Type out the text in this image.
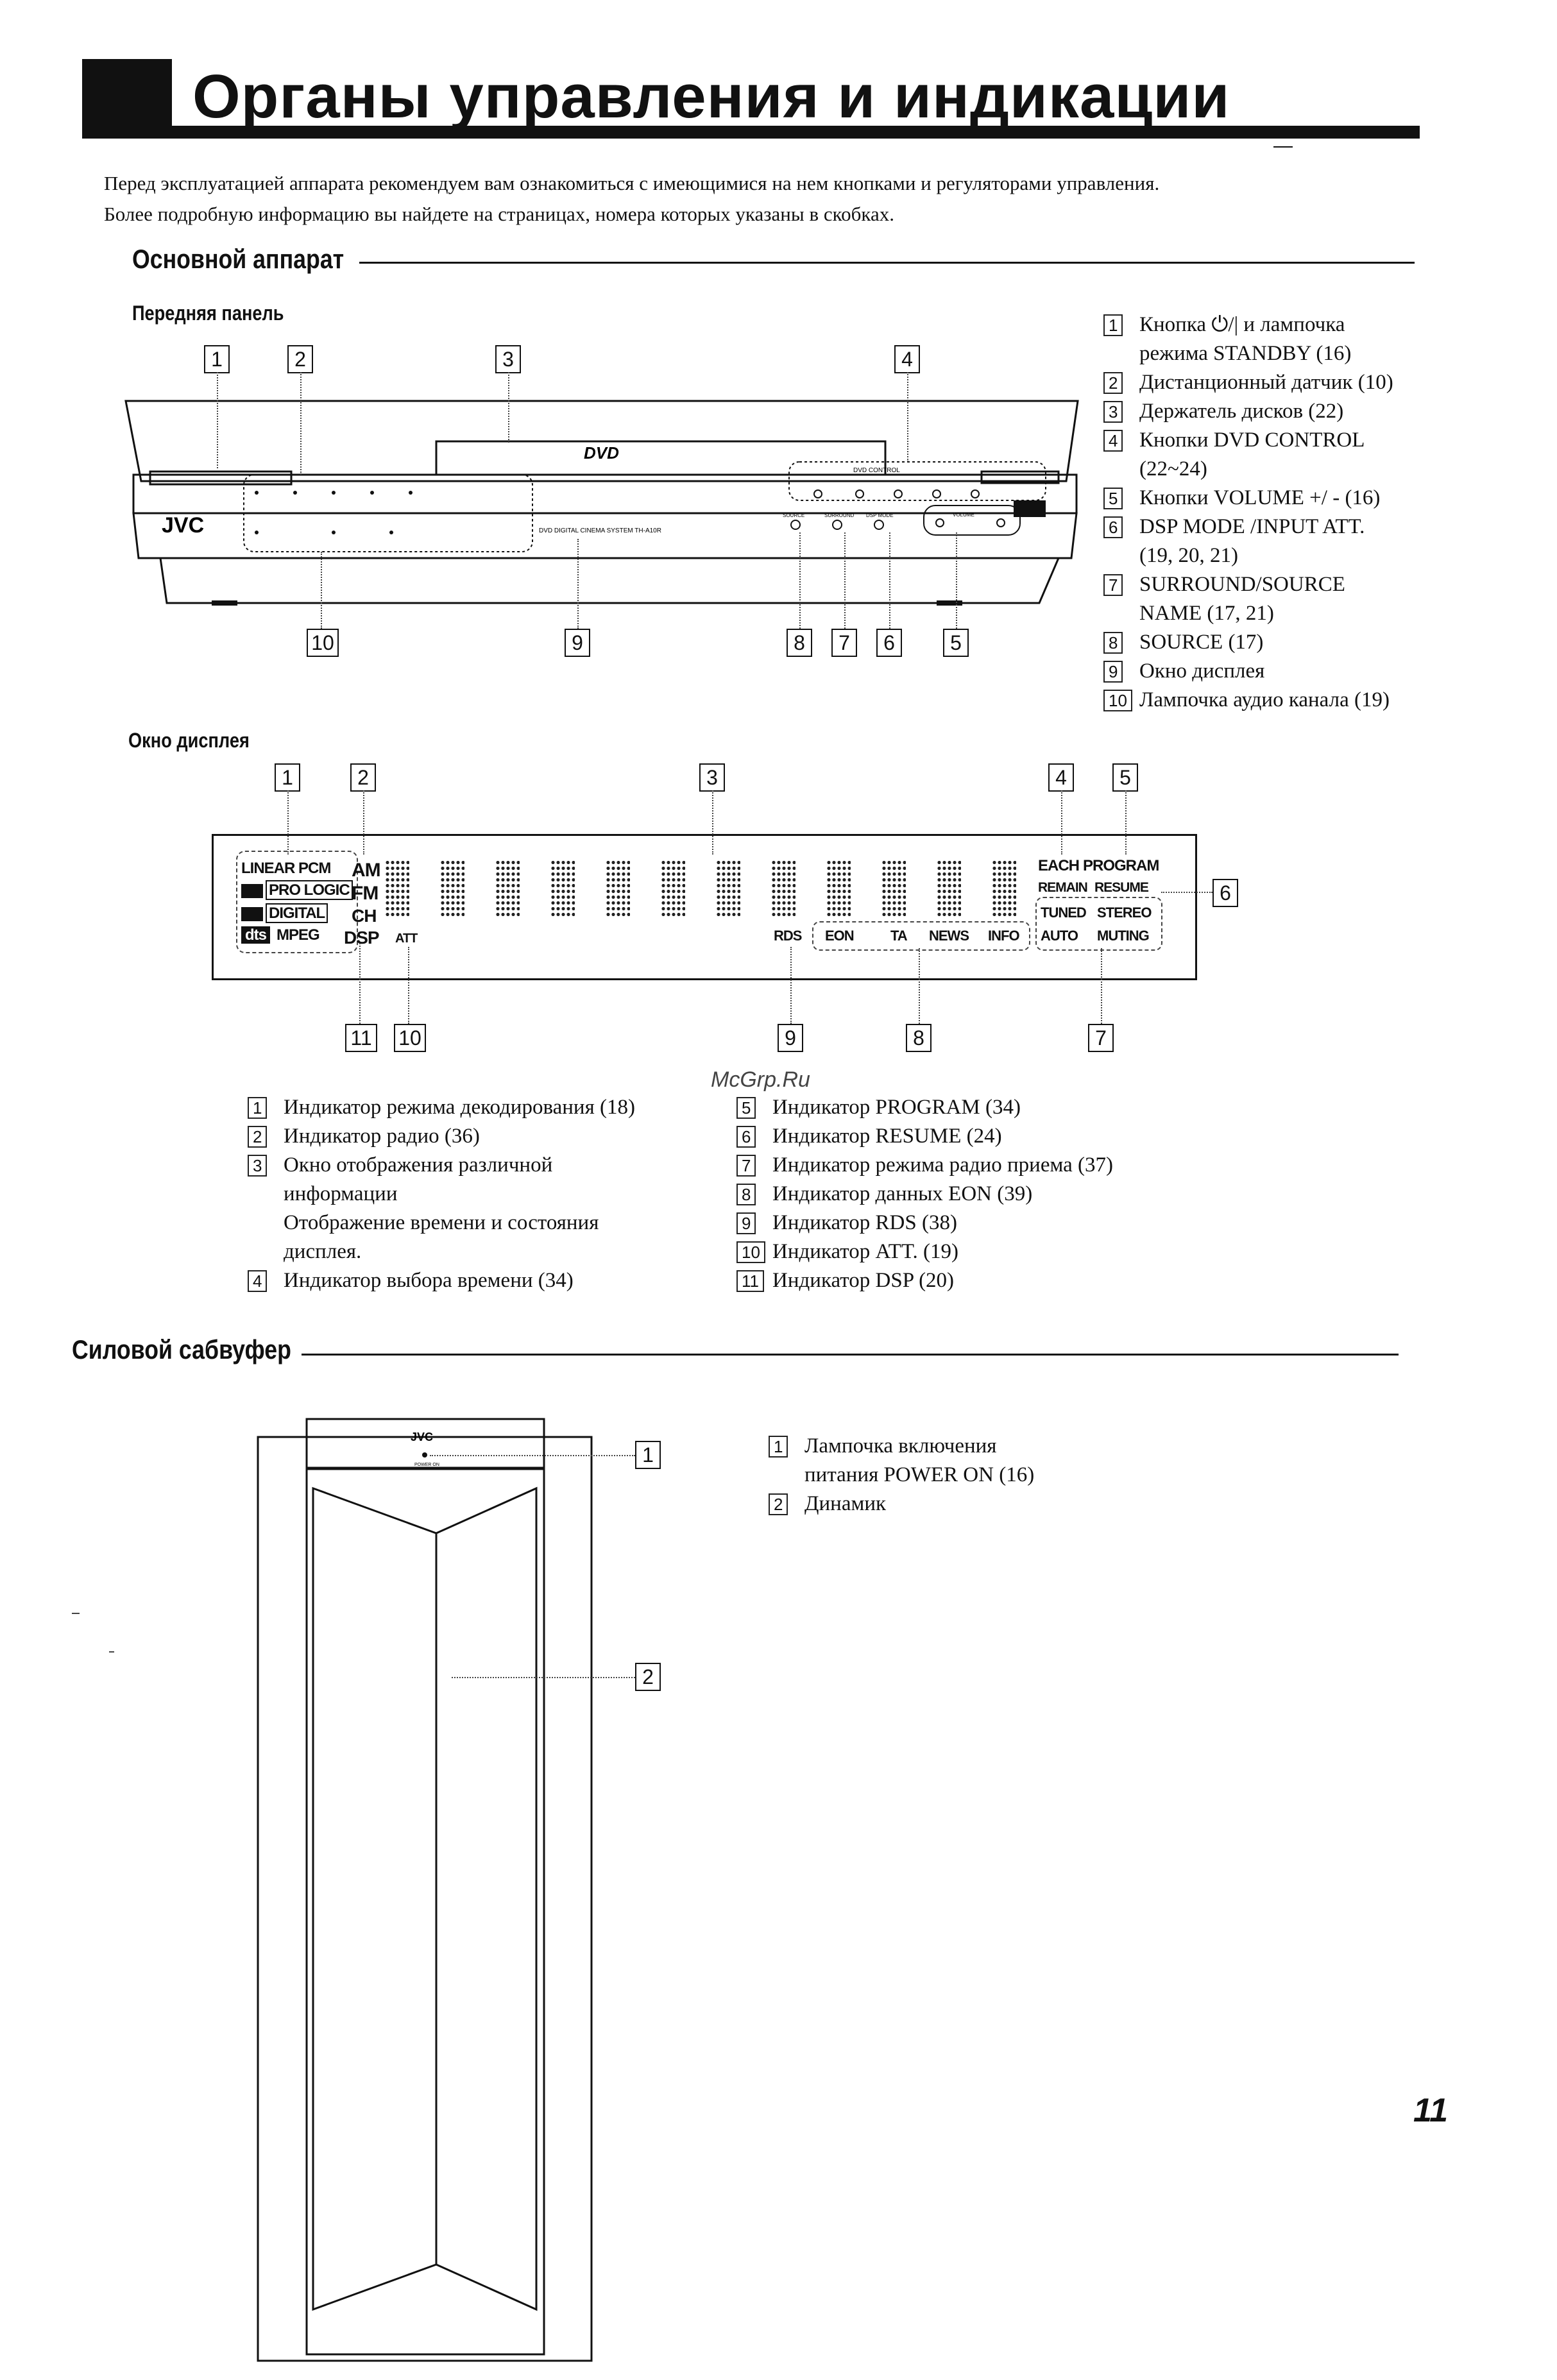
Органы управления и индикации
Перед эксплуатацией аппарата рекомендуем вам ознакомиться с имеющимися на нем кнопками и регуляторами управления.
Более подробную информацию вы найдете на страницах, номера которых указаны в скобках.
Основной аппарат
Передняя панель
JVC	DVD DIGITAL CINEMA SYSTEM TH-A10R
DVD CONTROL
SOURCE	SURROUND DSP MODE	VOLUME
DVD
1	2	3	4
10	9	8	7	6	5
1	Кнопка ⏻/| и лампочка
режима STANDBY (16)
2	Дистанционный датчик (10)
3	Держатель дисков (22)
4	Кнопки DVD CONTROL
(22~24)
5	Кнопки VOLUME +/ - (16)
6	DSP MODE /INPUT ATT.
(19, 20, 21)
7	SURROUND/SOURCE
NAME (17, 21)
8	SOURCE (17)
9	Окно дисплея
10 Лампочка аудио канала (19)
Окно дисплея
1	2	3	4	5
6
11 10	9	8	7
LINEAR PCM
PRO LOGIC
DIGITAL
dts MPEG
AM
FM
CH
DSP ATT	RDS EON	TA NEWS INFO
EACH PROGRAM
REMAIN RESUME
TUNED STEREO
AUTO MUTING
McGrp.Ru
1	Индикатор режима декодирования (18)
2	Индикатор радио (36)
3	Окно отображения различной
информации
Отображение времени и состояния
дисплея.
4	Индикатор выбора времени (34)
5	Индикатор PROGRAM (34)
6	Индикатор RESUME (24)
7	Индикатор режима радио приема (37)
8	Индикатор данных EON (39)
9	Индикатор RDS (38)
10 Индикатор ATT. (19)
11 Индикатор DSP (20)
Силовой сабвуфер
JVC
POWER ON	1
2
1	Лампочка включения
питания POWER ON (16)
2	Динамик
11
